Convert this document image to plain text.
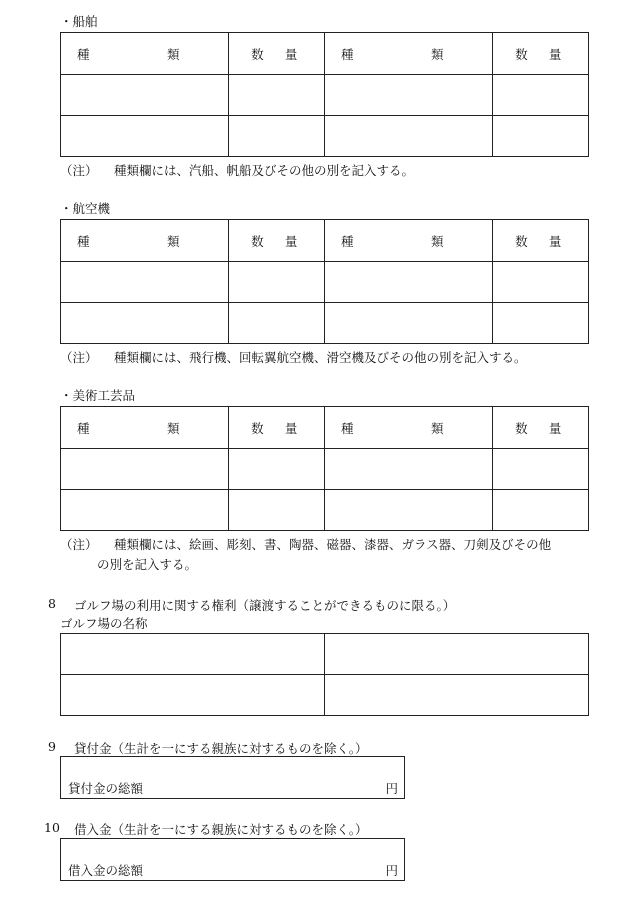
・船舶
種　類	数　量	種　類	数　量

（注） 種類欄には、汽船、帆船及びその他の別を記入する。
・航空機
種　類	数　量	種　類	数　量

（注） 種類欄には、飛行機、回転翼航空機、滑空機及びその他の別を記入する。
・美術工芸品
種　類	数　量	種　類	数　量

（注） 種類欄には、絵画、彫刻、書、陶器、磁器、漆器、ガラス器、刀剣及びその他
の別を記入する。
8 ゴルフ場の利用に関する権利（譲渡することができるものに限る。）
ゴルフ場の名称

9 貸付金（生計を一にする親族に対するものを除く。）
貸付金の総額	円
10 借入金（生計を一にする親族に対するものを除く。）
借入金の総額	円
